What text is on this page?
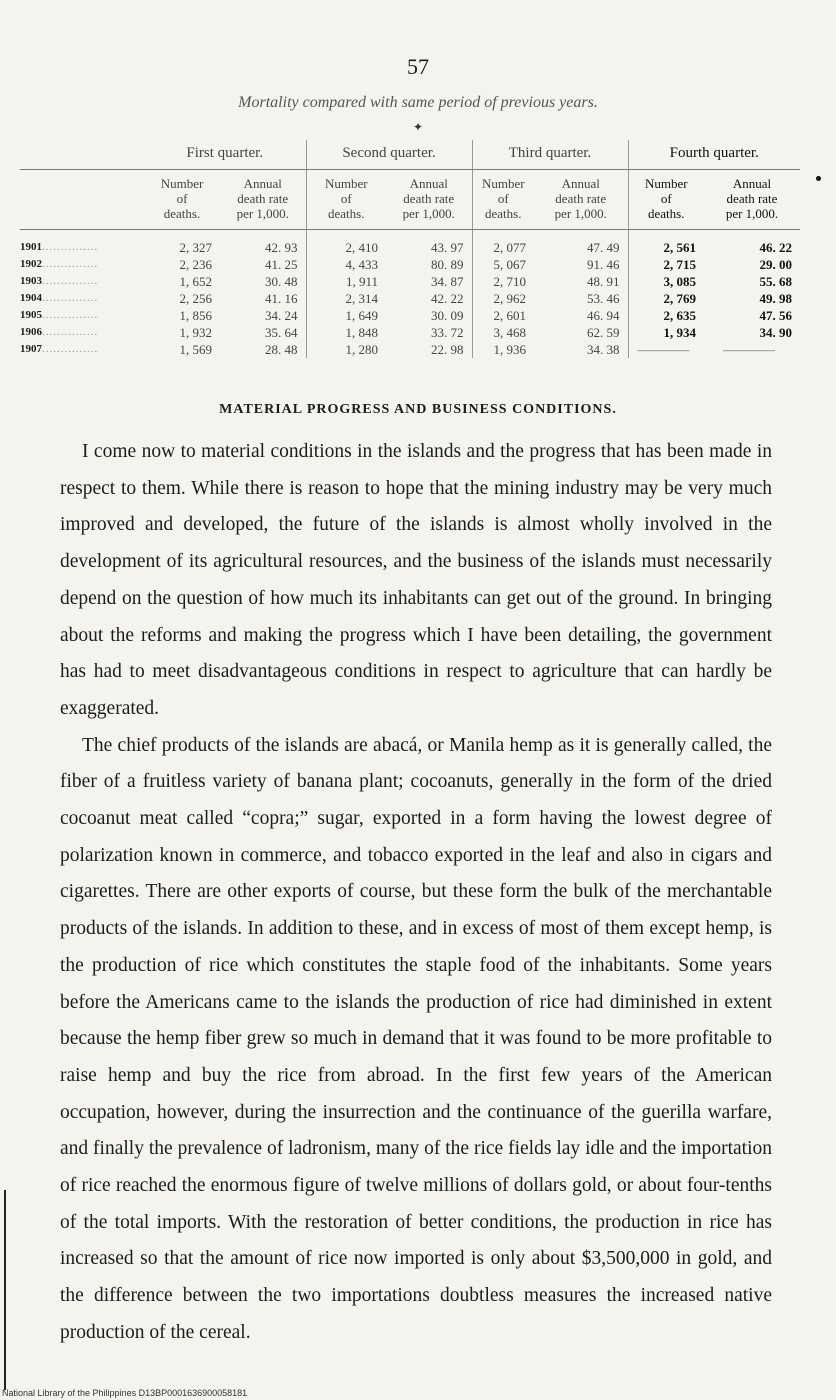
57
Mortality compared with same period of previous years.
✦
	First quarter.		Second quarter.		Third quarter.		Fourth quarter.	
	Number
of
deaths.	Annual
death rate
per 1,000.	Number
of
deaths.	Annual
death rate
per 1,000.	Number
of
deaths.	Annual
death rate
per 1,000.	Number
of
deaths.	Annual
death rate
per 1,000.
1901...............	2, 327	42. 93	2, 410	43. 97	2, 077	47. 49	2, 561	46. 22
1902...............	2, 236	41. 25	4, 433	80. 89	5, 067	91. 46	2, 715	29. 00
1903...............	1, 652	30. 48	1, 911	34. 87	2, 710	48. 91	3, 085	55. 68
1904...............	2, 256	41. 16	2, 314	42. 22	2, 962	53. 46	2, 769	49. 98
1905...............	1, 856	34. 24	1, 649	30. 09	2, 601	46. 94	2, 635	47. 56
1906...............	1, 932	35. 64	1, 848	33. 72	3, 468	62. 59	1, 934	34. 90
1907...............	1, 569	28. 48	1, 280	22. 98	1, 936	34. 38	————	————
MATERIAL PROGRESS AND BUSINESS CONDITIONS.

I come now to material conditions in the islands and the progress that has been made in respect to them. While there is reason to hope that the mining industry may be very much improved and developed, the future of the islands is almost wholly involved in the development of its agricultural resources, and the business of the islands must necessarily depend on the question of how much its inhabitants can get out of the ground. In bringing about the reforms and making the progress which I have been detailing, the government has had to meet disadvantageous conditions in respect to agriculture that can hardly be exaggerated.

The chief products of the islands are abacá, or Manila hemp as it is generally called, the fiber of a fruitless variety of banana plant; cocoanuts, generally in the form of the dried cocoanut meat called “copra;” sugar, exported in a form having the lowest degree of polarization known in commerce, and tobacco exported in the leaf and also in cigars and cigarettes. There are other exports of course, but these form the bulk of the merchantable products of the islands. In addition to these, and in excess of most of them except hemp, is the production of rice which constitutes the staple food of the inhabitants. Some years before the Americans came to the islands the production of rice had diminished in extent because the hemp fiber grew so much in demand that it was found to be more profitable to raise hemp and buy the rice from abroad. In the first few years of the American occupation, however, during the insurrection and the continuance of the guerilla warfare, and finally the prevalence of ladronism, many of the rice fields lay idle and the importation of rice reached the enormous figure of twelve millions of dollars gold, or about four-tenths of the total imports. With the restoration of better conditions, the production in rice has increased so that the amount of rice now imported is only about $3,500,000 in gold, and the difference between the two importations doubtless measures the increased native production of the cereal.

National Library of the Philippines D13BP0001636900058181
